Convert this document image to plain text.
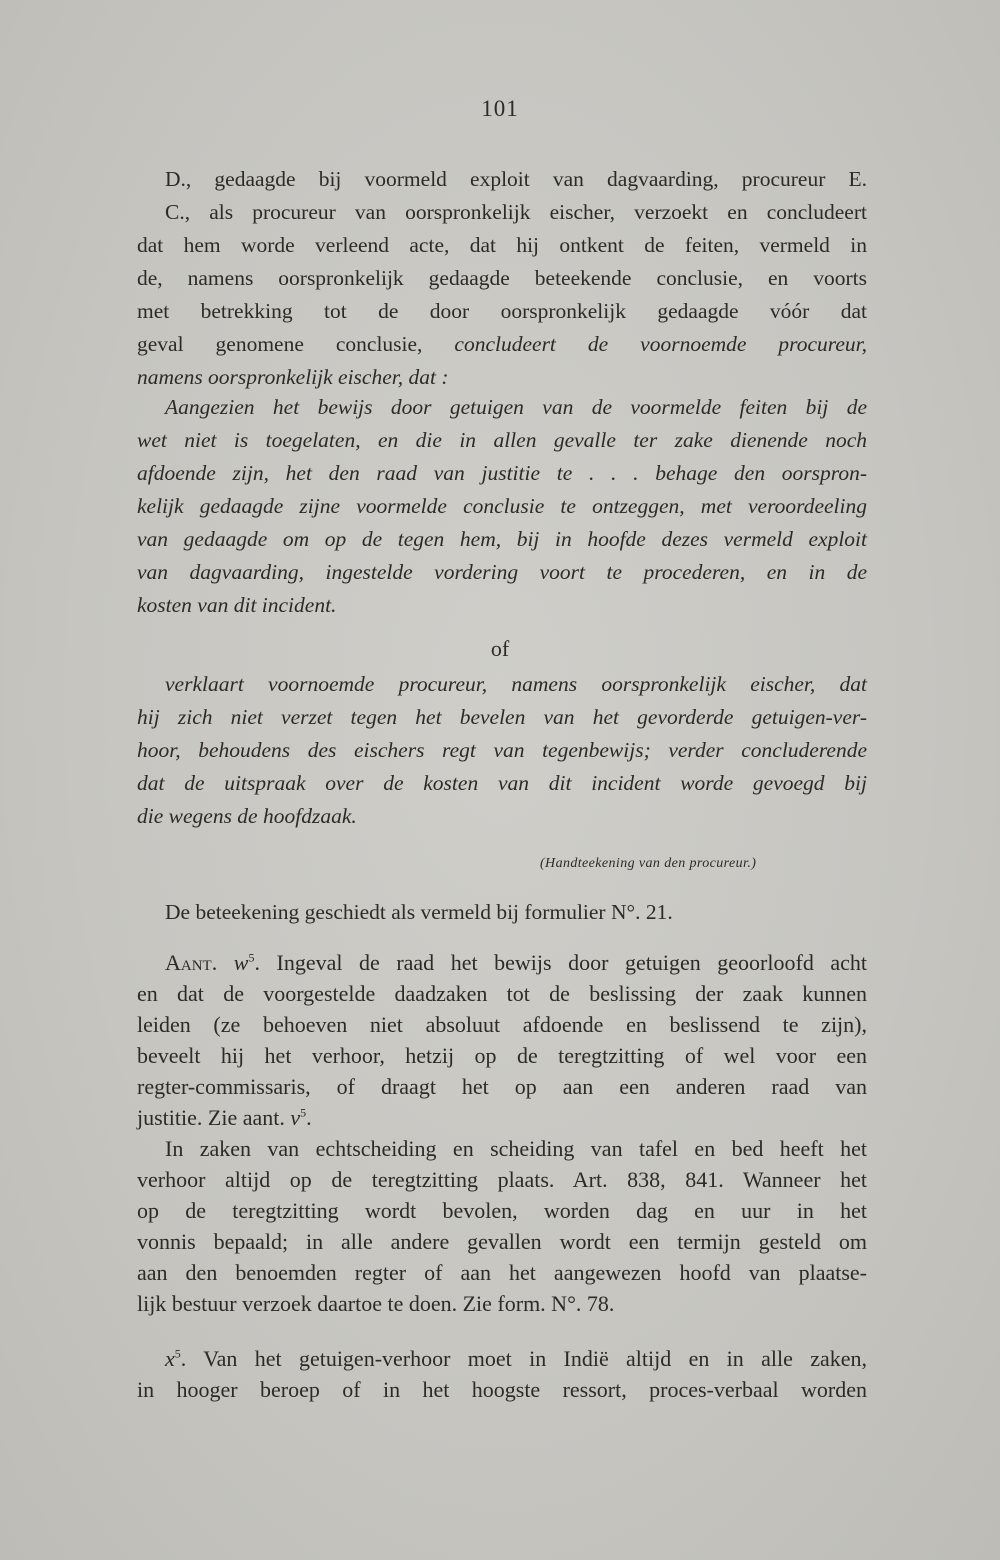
101
D., gedaagde bij voormeld exploit van dagvaarding, procureur E.
C., als procureur van oorspronkelijk eischer, verzoekt en concludeert
dat hem worde verleend acte, dat hij ontkent de feiten, vermeld in
de, namens oorspronkelijk gedaagde beteekende conclusie, en voorts
met betrekking tot de door oorspronkelijk gedaagde vóór dat
geval genomene conclusie, concludeert de voornoemde procureur,
namens oorspronkelijk eischer, dat :
Aangezien het bewijs door getuigen van de voormelde feiten bij de
wet niet is toegelaten, en die in allen gevalle ter zake dienende noch
afdoende zijn, het den raad van justitie te . . . behage den oorspron-
kelijk gedaagde zijne voormelde conclusie te ontzeggen, met veroordeeling
van gedaagde om op de tegen hem, bij in hoofde dezes vermeld exploit
van dagvaarding, ingestelde vordering voort te procederen, en in de
kosten van dit incident.
of
verklaart voornoemde procureur, namens oorspronkelijk eischer, dat
hij zich niet verzet tegen het bevelen van het gevorderde getuigen-ver-
hoor, behoudens des eischers regt van tegenbewijs; verder concluderende
dat de uitspraak over de kosten van dit incident worde gevoegd bij
die wegens de hoofdzaak.
(Handteekening van den procureur.)
De beteekening geschiedt als vermeld bij formulier N°. 21.
Aant. $w^5$. Ingeval de raad het bewijs door getuigen geoorloofd acht
en dat de voorgestelde daadzaken tot de beslissing der zaak kunnen
leiden (ze behoeven niet absoluut afdoende en beslissend te zijn),
beveelt hij het verhoor, hetzij op de teregtzitting of wel voor een
regter-commissaris, of draagt het op aan een anderen raad van
justitie. Zie aant. $v^5$.
In zaken van echtscheiding en scheiding van tafel en bed heeft het
verhoor altijd op de teregtzitting plaats. Art. 838, 841. Wanneer het
op de teregtzitting wordt bevolen, worden dag en uur in het
vonnis bepaald; in alle andere gevallen wordt een termijn gesteld om
aan den benoemden regter of aan het aangewezen hoofd van plaatse-
lijk bestuur verzoek daartoe te doen. Zie form. N°. 78.
$x^5$. Van het getuigen-verhoor moet in Indië altijd en in alle zaken,
in hooger beroep of in het hoogste ressort, proces-verbaal worden
